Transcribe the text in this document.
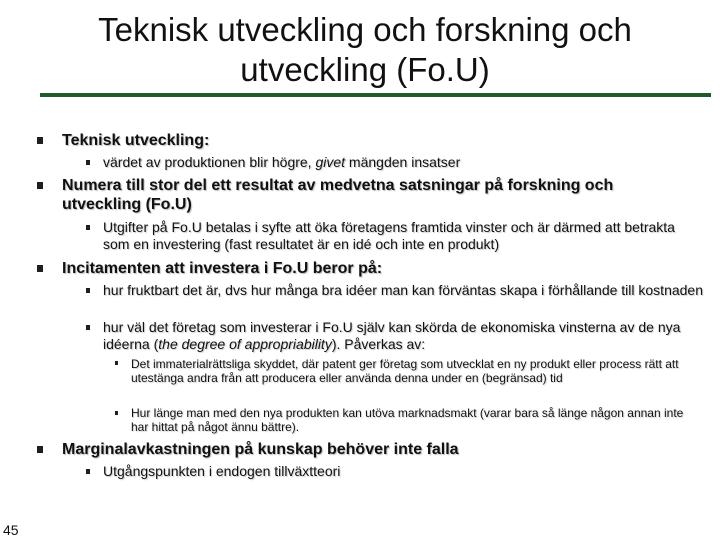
Teknisk utveckling och forskning och utveckling (Fo.U)
Teknisk utveckling:
värdet av produktionen blir högre, givet mängden insatser
Numera till stor del ett resultat av medvetna satsningar på forskning och utveckling (Fo.U)
Utgifter på Fo.U betalas i syfte att öka företagens framtida vinster och är därmed att betrakta som en investering (fast resultatet är en idé och inte en produkt)
Incitamenten att investera i Fo.U beror på:
hur fruktbart det är, dvs hur många bra idéer man kan förväntas skapa i förhållande till kostnaden
hur väl det företag som investerar i Fo.U själv kan skörda de ekonomiska vinsterna av de nya idéerna (the degree of appropriability). Påverkas av:
Det immaterialrättsliga skyddet, där patent ger företag som utvecklat en ny produkt eller process rätt att utestänga andra från att producera eller använda denna under en (begränsad) tid
Hur länge man med den nya produkten kan utöva marknadsmakt (varar bara så länge någon annan inte har hittat på något ännu bättre).
Marginalavkastningen på kunskap behöver inte falla
Utgångspunkten i endogen tillväxtteori
45
